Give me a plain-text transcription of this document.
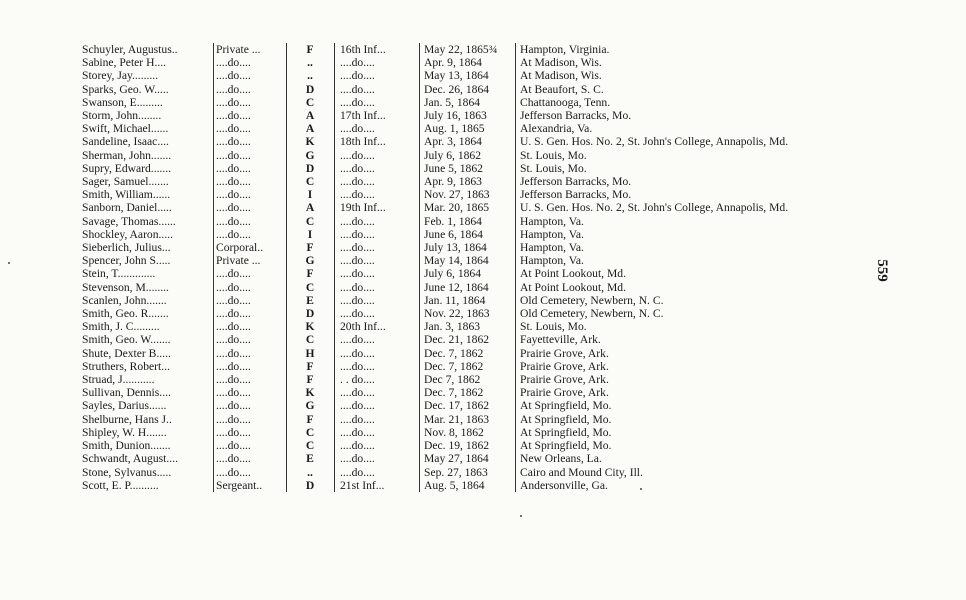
Schuyler, Augustus..	Private ...	F	16th Inf...	May 22, 1865¾	Hampton, Virginia.
Sabine, Peter H....	....do....	..	....do....	Apr. 9, 1864	At Madison, Wis.
Storey, Jay.........	....do....	..	....do....	May 13, 1864	At Madison, Wis.
Sparks, Geo. W.....	....do....	D	....do....	Dec. 26, 1864	At Beaufort, S. C.
Swanson, E.........	....do....	C	....do....	Jan. 5, 1864	Chattanooga, Tenn.
Storm, John........	....do....	A	17th Inf...	July 16, 1863	Jefferson Barracks, Mo.
Swift, Michael......	....do....	A	....do....	Aug. 1, 1865	Alexandria, Va.
Sandeline, Isaac....	....do....	K	18th Inf...	Apr. 3, 1864	U. S. Gen. Hos. No. 2, St. John's College, Annapolis, Md.
Sherman, John.......	....do....	G	....do....	July 6, 1862	St. Louis, Mo.
Supry, Edward.......	....do....	D	....do....	June 5, 1862	St. Louis, Mo.
Sager, Samuel.......	....do....	C	....do....	Apr. 9, 1863	Jefferson Barracks, Mo.
Smith, William......	....do....	I	....do....	Nov. 27, 1863	Jefferson Barracks, Mo.
Sanborn, Daniel.....	....do....	A	19th Inf...	Mar. 20, 1865	U. S. Gen. Hos. No. 2, St. John's College, Annapolis, Md.
Savage, Thomas......	....do....	C	....do....	Feb. 1, 1864	Hampton, Va.
Shockley, Aaron.....	....do....	I	....do....	June 6, 1864	Hampton, Va.
Sieberlich, Julius...	Corporal..	F	....do....	July 13, 1864	Hampton, Va.
Spencer, John S.....	Private ...	G	....do....	May 14, 1864	Hampton, Va.
Stein, T.............	....do....	F	....do....	July 6, 1864	At Point Lookout, Md.
Stevenson, M........	....do....	C	....do....	June 12, 1864	At Point Lookout, Md.
Scanlen, John.......	....do....	E	....do....	Jan. 11, 1864	Old Cemetery, Newbern, N. C.
Smith, Geo. R.......	....do....	D	....do....	Nov. 22, 1863	Old Cemetery, Newbern, N. C.
Smith, J. C.........	....do....	K	20th Inf...	Jan. 3, 1863	St. Louis, Mo.
Smith, Geo. W.......	....do....	C	....do....	Dec. 21, 1862	Fayetteville, Ark.
Shute, Dexter B.....	....do....	H	....do....	Dec. 7, 1862	Prairie Grove, Ark.
Struthers, Robert...	....do....	F	....do....	Dec. 7, 1862	Prairie Grove, Ark.
Struad, J...........	....do....	F	. . do....	Dec 7, 1862	Prairie Grove, Ark.
Sullivan, Dennis....	....do....	K	....do....	Dec. 7, 1862	Prairie Grove, Ark.
Sayles, Darius......	....do....	G	....do....	Dec. 17, 1862	At Springfield, Mo.
Shelburne, Hans J..	....do....	F	....do....	Mar. 21, 1863	At Springfield, Mo.
Shipley, W. H.......	....do....	C	....do....	Nov. 8, 1862	At Springfield, Mo.
Smith, Dunion.......	....do....	C	....do....	Dec. 19, 1862	At Springfield, Mo.
Schwandt, August....	....do....	E	....do....	May 27, 1864	New Orleans, La.
Stone, Sylvanus.....	....do....	..	....do....	Sep. 27, 1863	Cairo and Mound City, Ill.
Scott, E. P..........	Sergeant..	D	21st Inf...	Aug. 5, 1864	Andersonville, Ga.
559
